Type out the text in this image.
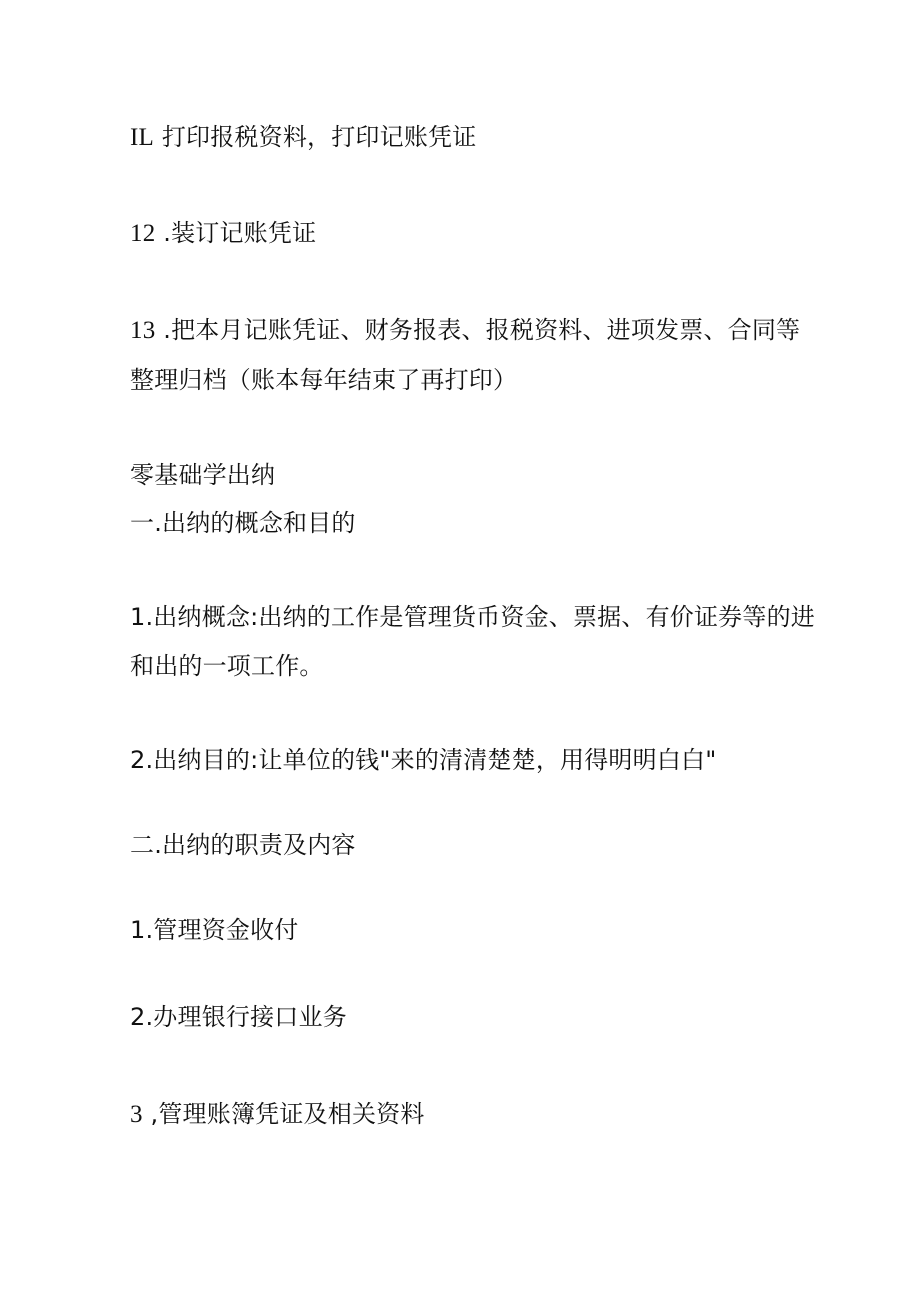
IL 打印报税资料，打印记账凭证
12 .装订记账凭证
13 .把本月记账凭证、财务报表、报税资料、进项发票、合同等
整理归档（账本每年结束了再打印）
零基础学出纳
一.出纳的概念和目的
1.出纳概念:出纳的工作是管理货币资金、票据、有价证券等的进
和出的一项工作。
2.出纳目的:让单位的钱"来的清清楚楚，用得明明白白"
二.出纳的职责及内容
1.管理资金收付
2.办理银行接口业务
3 ,管理账簿凭证及相关资料
